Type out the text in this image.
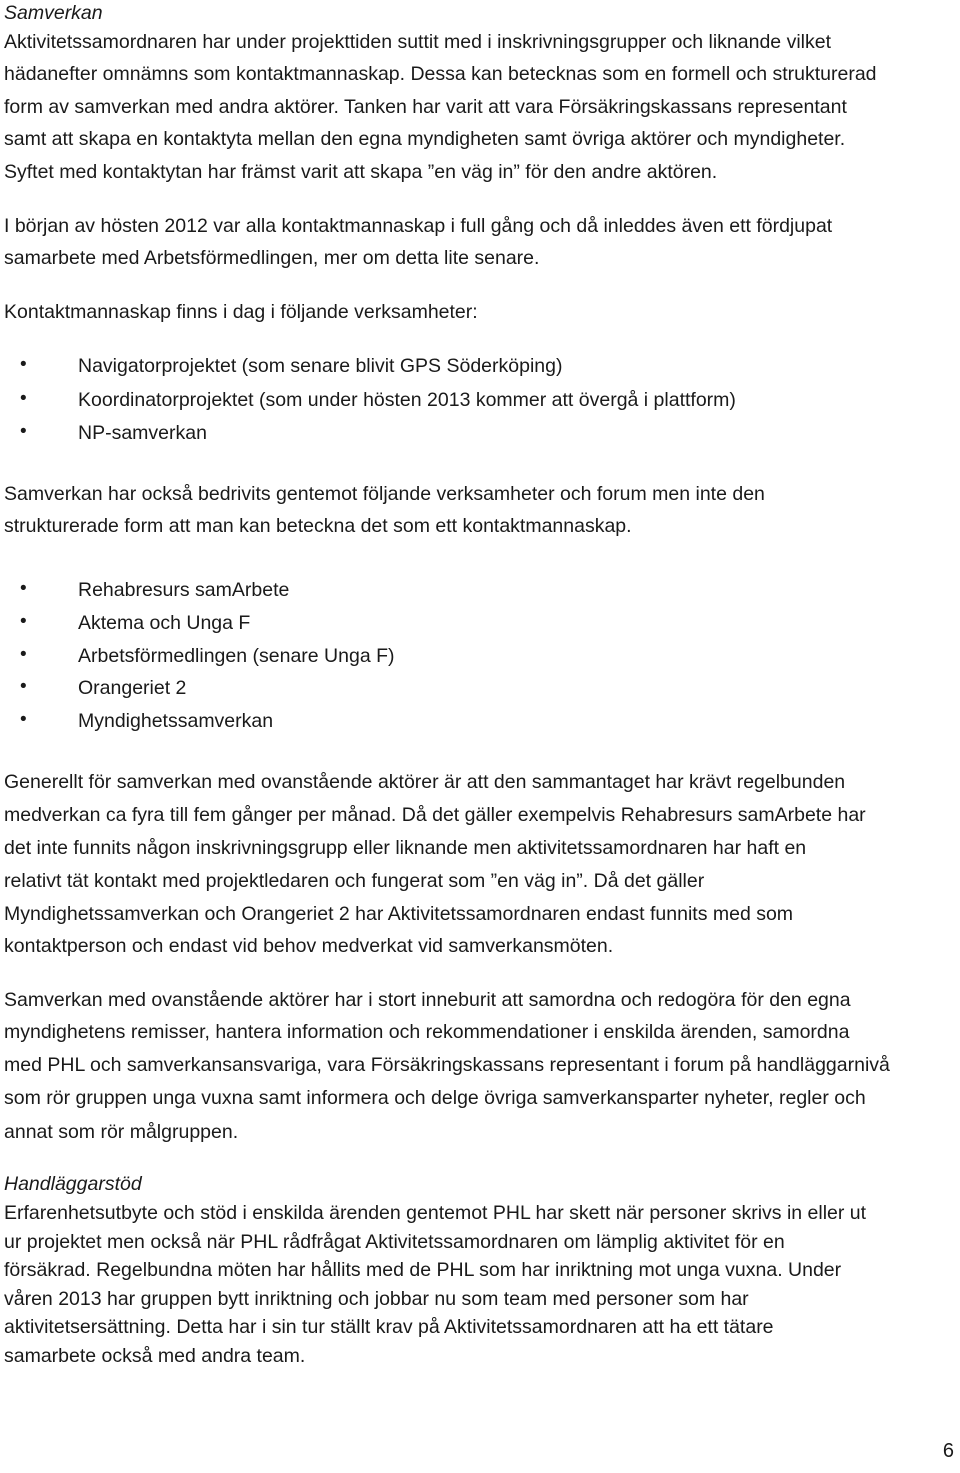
Samverkan
Aktivitetssamordnaren har under projekttiden suttit med i inskrivningsgrupper och liknande vilket
hädanefter omnämns som kontaktmannaskap. Dessa kan betecknas som en formell och strukturerad
form av samverkan med andra aktörer. Tanken har varit att vara Försäkringskassans representant
samt att skapa en kontaktyta mellan den egna myndigheten samt övriga aktörer och myndigheter.
Syftet med kontaktytan har främst varit att skapa ”en väg in” för den andre aktören.
I början av hösten 2012 var alla kontaktmannaskap i full gång och då inleddes även ett fördjupat
samarbete med Arbetsförmedlingen, mer om detta lite senare.
Kontaktmannaskap finns i dag i följande verksamheter:
•	Navigatorprojektet (som senare blivit GPS Söderköping)
•	Koordinatorprojektet (som under hösten 2013 kommer att övergå i plattform)
•	NP-samverkan
Samverkan har också bedrivits gentemot följande verksamheter och forum men inte den
strukturerade form att man kan beteckna det som ett kontaktmannaskap.
•	Rehabresurs samArbete
•	Aktema och Unga F
•	Arbetsförmedlingen (senare Unga F)
•	Orangeriet 2
•	Myndighetssamverkan
Generellt för samverkan med ovanstående aktörer är att den sammantaget har krävt regelbunden
medverkan ca fyra till fem gånger per månad. Då det gäller exempelvis Rehabresurs samArbete har
det inte funnits någon inskrivningsgrupp eller liknande men aktivitetssamordnaren har haft en
relativt tät kontakt med projektledaren och fungerat som ”en väg in”. Då det gäller
Myndighetssamverkan och Orangeriet 2 har Aktivitetssamordnaren endast funnits med som
kontaktperson och endast vid behov medverkat vid samverkansmöten.
Samverkan med ovanstående aktörer har i stort inneburit att samordna och redogöra för den egna
myndighetens remisser, hantera information och rekommendationer i enskilda ärenden, samordna
med PHL och samverkansansvariga, vara Försäkringskassans representant i forum på handläggarnivå
som rör gruppen unga vuxna samt informera och delge övriga samverkansparter nyheter, regler och
annat som rör målgruppen.
Handläggarstöd
Erfarenhetsutbyte och stöd i enskilda ärenden gentemot PHL har skett när personer skrivs in eller ut
ur projektet men också när PHL rådfrågat Aktivitetssamordnaren om lämplig aktivitet för en
försäkrad. Regelbundna möten har hållits med de PHL som har inriktning mot unga vuxna. Under
våren 2013 har gruppen bytt inriktning och jobbar nu som team med personer som har
aktivitetsersättning. Detta har i sin tur ställt krav på Aktivitetssamordnaren att ha ett tätare
samarbete också med andra team.
6
